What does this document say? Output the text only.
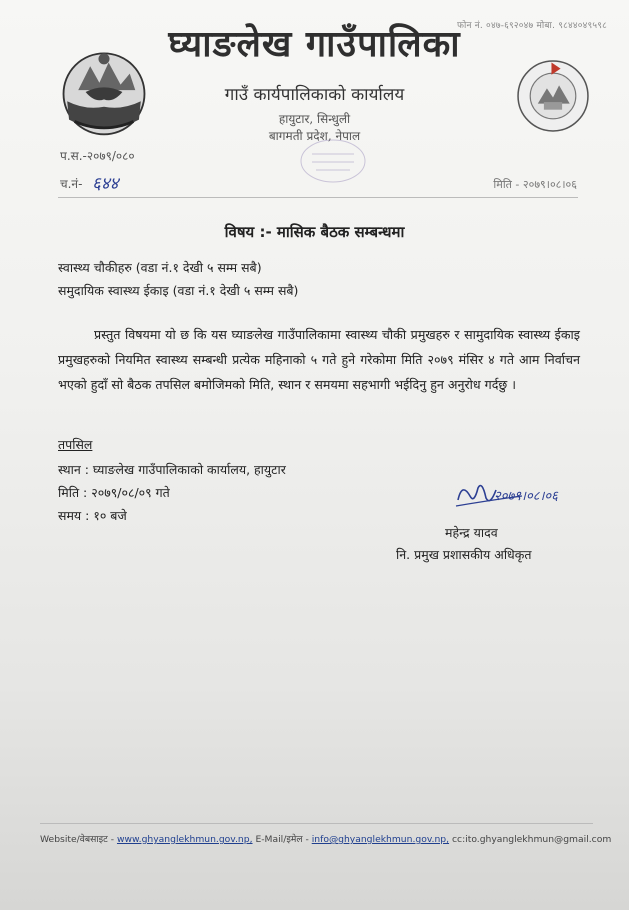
फोन नं. ०४७-६९२०४७ मोबा. ९८४४०४९५९८
घ्याङलेख गाउँपालिका
गाउँ कार्यपालिकाको कार्यालय
हायुटार, सिन्धुली
बागमती प्रदेश, नेपाल
प.स.-२०७९/०८०
च.नं- ६४४	मिति - २०७९।०८।०६
विषय :- मासिक बैठक सम्बन्धमा
स्वास्थ्य चौकीहरु (वडा नं.१ देखी ५ सम्म सबै)
समुदायिक स्वास्थ्य ईकाइ (वडा नं.१ देखी ५ सम्म सबै)
प्रस्तुत विषयमा यो छ कि यस घ्याङलेख गाउँपालिकामा स्वास्थ्य चौकी प्रमुखहरु र सामुदायिक स्वास्थ्य ईकाइ प्रमुखहरुको नियमित स्वास्थ्य सम्बन्धी प्रत्येक महिनाको ५ गते हुने गरेकोमा मिति २०७९ मंसिर ४ गते आम निर्वाचन भएको हुदाँ सो बैठक तपसिल बमोजिमको मिति, स्थान र समयमा सहभागी भईदिनु हुन अनुरोध गर्दछु ।
तपसिल
स्थान : घ्याङलेख गाउँपालिकाको कार्यालय, हायुटार
मिति : २०७९/०८/०९ गते
समय : १० बजे
२०७९।०८।०६
महेन्द्र यादव
नि. प्रमुख प्रशासकीय अधिकृत
Website/वेबसाइट - www.ghyanglekhmun.gov.np, E-Mail/इमेल - info@ghyanglekhmun.gov.np, cc:ito.ghyanglekhmun@gmail.com
